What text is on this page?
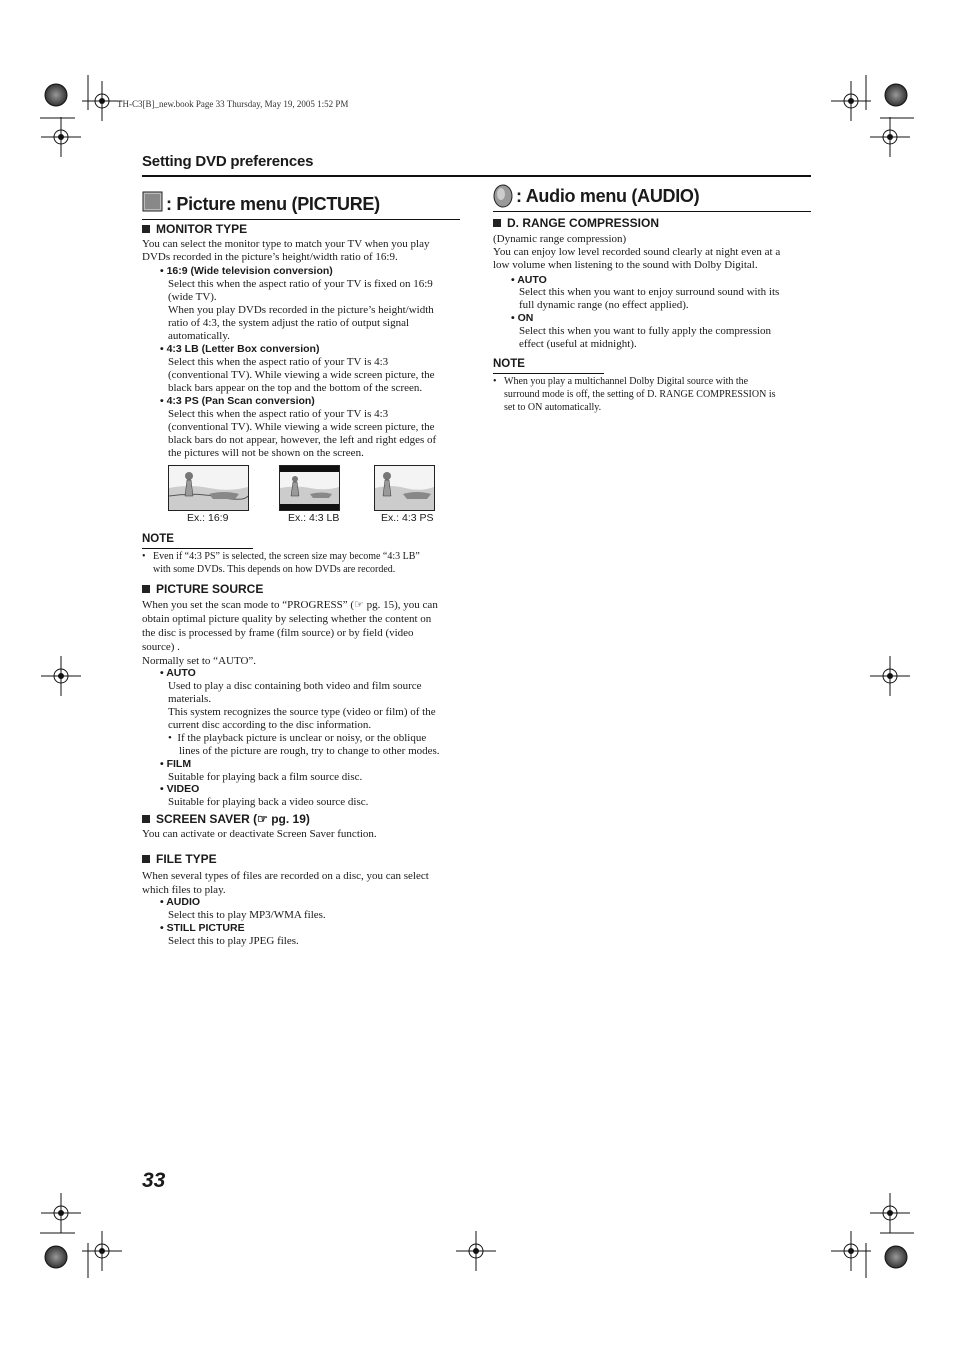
TH-C3[B]_new.book Page 33 Thursday, May 19, 2005 1:52 PM
Setting DVD preferences
: Picture menu (PICTURE)
MONITOR TYPE
You can select the monitor type to match your TV when you play
DVDs recorded in the picture’s height/width ratio of 16:9.
• 16:9 (Wide television conversion)
Select this when the aspect ratio of your TV is fixed on 16:9
(wide TV).
When you play DVDs recorded in the picture’s height/width
ratio of 4:3, the system adjust the ratio of output signal
automatically.
• 4:3 LB (Letter Box conversion)
Select this when the aspect ratio of your TV is 4:3
(conventional TV). While viewing a wide screen picture, the
black bars appear on the top and the bottom of the screen.
• 4:3 PS (Pan Scan conversion)
Select this when the aspect ratio of your TV is 4:3
(conventional TV). While viewing a wide screen picture, the
black bars do not appear, however, the left and right edges of
the pictures will not be shown on the screen.
Ex.: 16:9	Ex.: 4:3 LB	Ex.: 4:3 PS
NOTE
•   Even if “4:3 PS” is selected, the screen size may become “4:3 LB”
with some DVDs. This depends on how DVDs are recorded.
PICTURE SOURCE
When you set the scan mode to “PROGRESS” (☞ pg. 15), you can
obtain optimal picture quality by selecting whether the content on
the disc is processed by frame (film source) or by field (video
source) .
Normally set to “AUTO”.
• AUTO
Used to play a disc containing both video and film source
materials.
This system recognizes the source type (video or film) of the
current disc according to the disc information.
•  If the playback picture is unclear or noisy, or the oblique
lines of the picture are rough, try to change to other modes.
• FILM
Suitable for playing back a film source disc.
• VIDEO
Suitable for playing back a video source disc.
SCREEN SAVER (☞ pg. 19)
You can activate or deactivate Screen Saver function.
FILE TYPE
When several types of files are recorded on a disc, you can select
which files to play.
• AUDIO
Select this to play MP3/WMA files.
• STILL PICTURE
Select this to play JPEG files.
: Audio menu (AUDIO)
D. RANGE COMPRESSION
(Dynamic range compression)
You can enjoy low level recorded sound clearly at night even at a
low volume when listening to the sound with Dolby Digital.
• AUTO
Select this when you want to enjoy surround sound with its
full dynamic range (no effect applied).
• ON
Select this when you want to fully apply the compression
effect (useful at midnight).
NOTE
•   When you play a multichannel Dolby Digital source with the
surround mode is off, the setting of D. RANGE COMPRESSION is
set to ON automatically.
33
